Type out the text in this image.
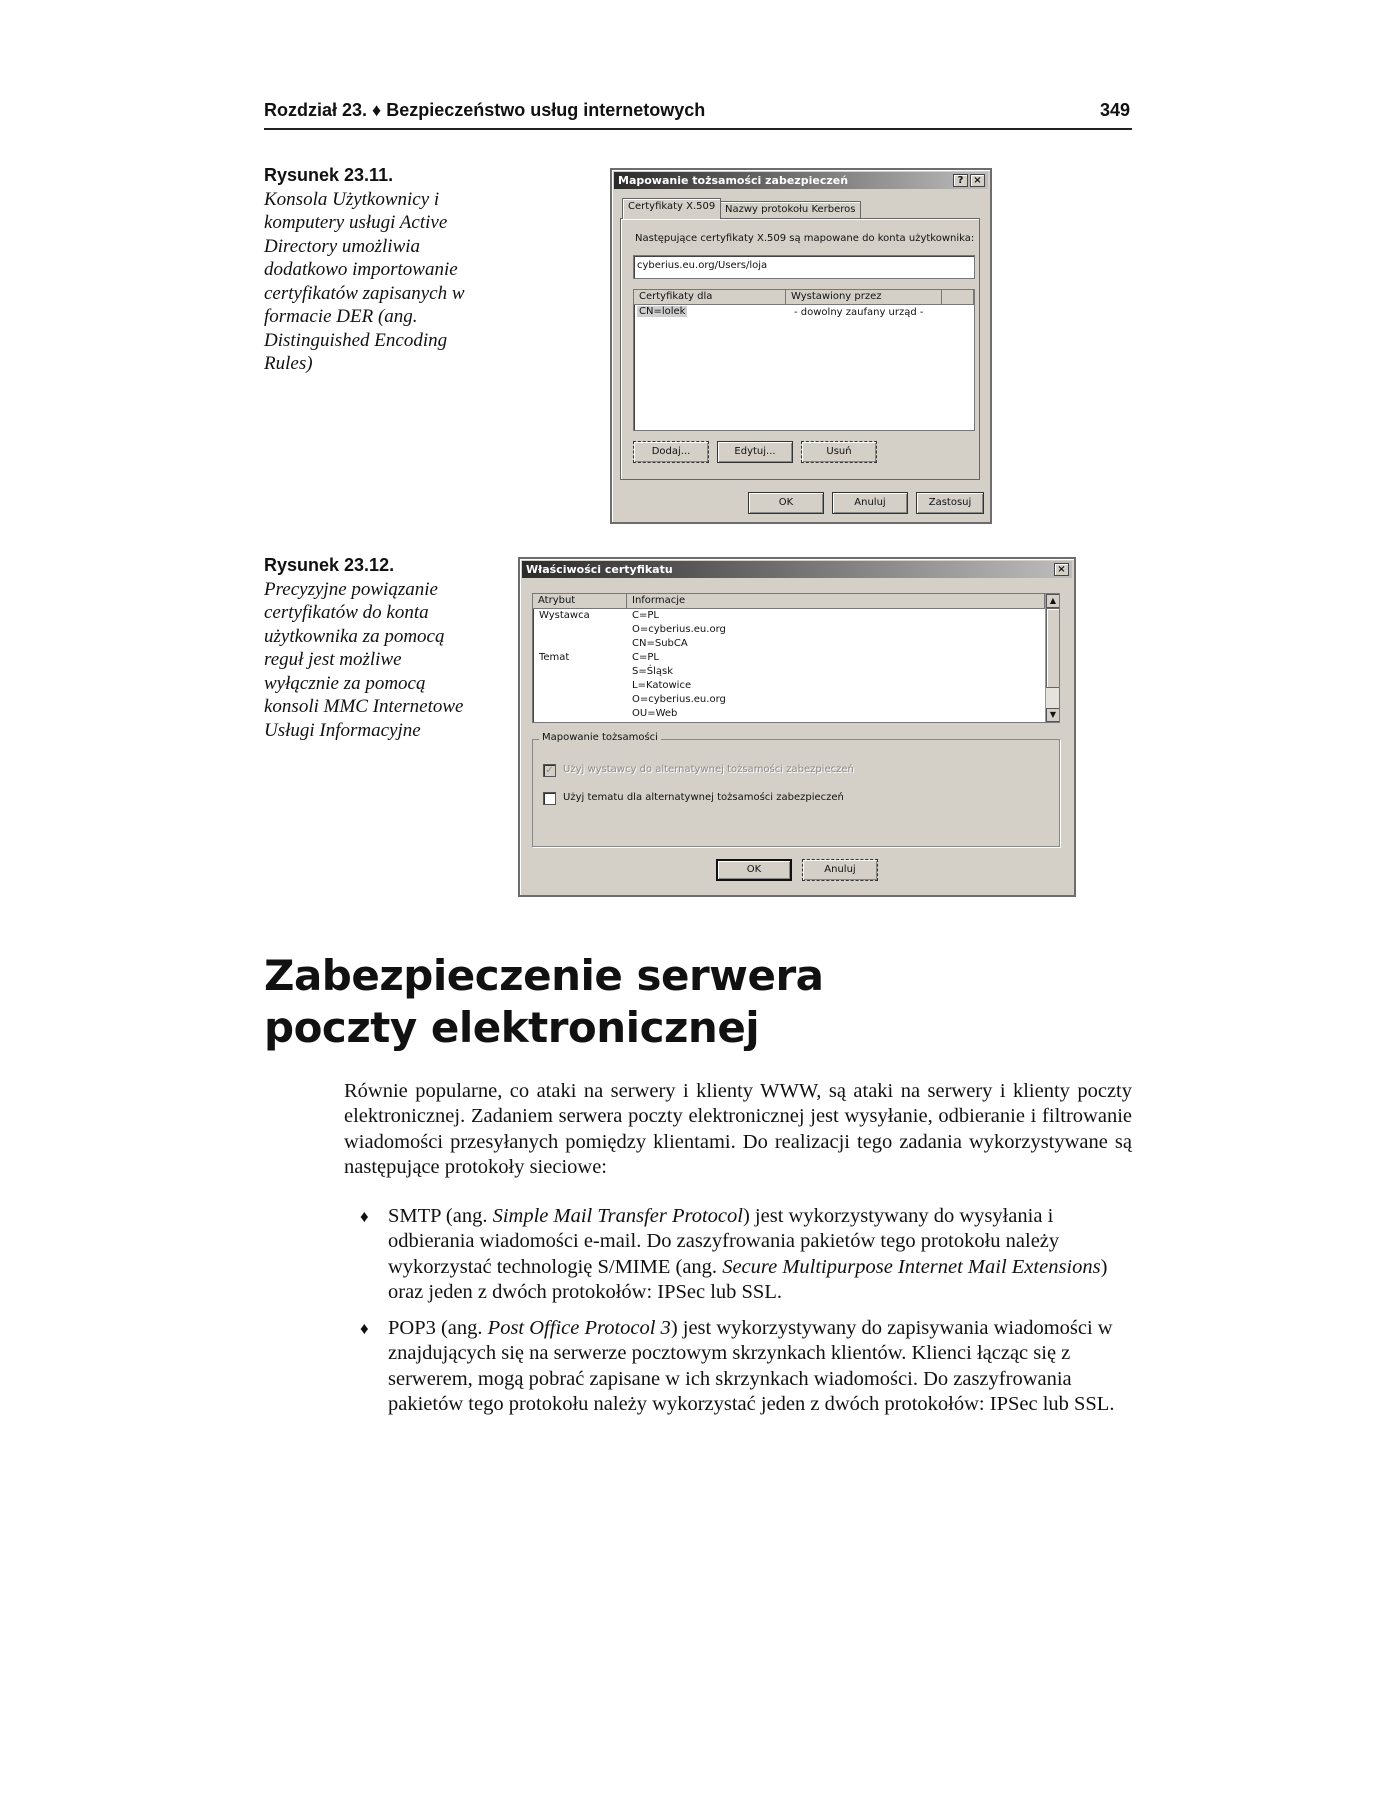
Rozdział 23. ♦ Bezpieczeństwo usług internetowych	349
Rysunek 23.11.
Konsola Użytkownicy i komputery usługi Active Directory umożliwia dodatkowo importowanie certyfikatów zapisanych w formacie DER (ang. Distinguished Encoding Rules)
Mapowanie tożsamości zabezpieczeń	? ×
Certyfikaty X.509 Nazwy protokołu Kerberos
Następujące certyfikaty X.509 są mapowane do konta użytkownika:
cyberius.eu.org/Users/loja
Certyfikaty dla	Wystawiony przez
CN=lolek	- dowolny zaufany urząd -
Dodaj...	Edytuj...	Usuń
OK	Anuluj	Zastosuj
Rysunek 23.12.
Precyzyjne powiązanie certyfikatów do konta użytkownika za pomocą reguł jest możliwe wyłącznie za pomocą konsoli MMC Internetowe Usługi Informacyjne
Właściwości certyfikatu	×
Atrybut	Informacje
Wystawca	C=PL
O=cyberius.eu.org
CN=SubCA
Temat	C=PL
S=Śląsk
L=Katowice
O=cyberius.eu.org
OU=Web
▲
▼
Mapowanie tożsamości
✓ Użyj wystawcy do alternatywnej tożsamości zabezpieczeń
Użyj tematu dla alternatywnej tożsamości zabezpieczeń
OK	Anuluj
Zabezpieczenie serwera
poczty elektronicznej

Równie popularne, co ataki na serwery i klienty WWW, są ataki na serwery i klienty poczty elektronicznej. Zadaniem serwera poczty elektronicznej jest wysyłanie, odbieranie i filtrowanie wiadomości przesyłanych pomiędzy klientami. Do realizacji tego zadania wykorzystywane są następujące protokoły sieciowe:

♦ SMTP (ang. Simple Mail Transfer Protocol) jest wykorzystywany do wysyłania i odbierania wiadomości e-mail. Do zaszyfrowania pakietów tego protokołu należy wykorzystać technologię S/MIME (ang. Secure Multipurpose Internet Mail Extensions) oraz jeden z dwóch protokołów: IPSec lub SSL.
♦ POP3 (ang. Post Office Protocol 3) jest wykorzystywany do zapisywania wiadomości w znajdujących się na serwerze pocztowym skrzynkach klientów. Klienci łącząc się z serwerem, mogą pobrać zapisane w ich skrzynkach wiadomości. Do zaszyfrowania pakietów tego protokołu należy wykorzystać jeden z dwóch protokołów: IPSec lub SSL.
